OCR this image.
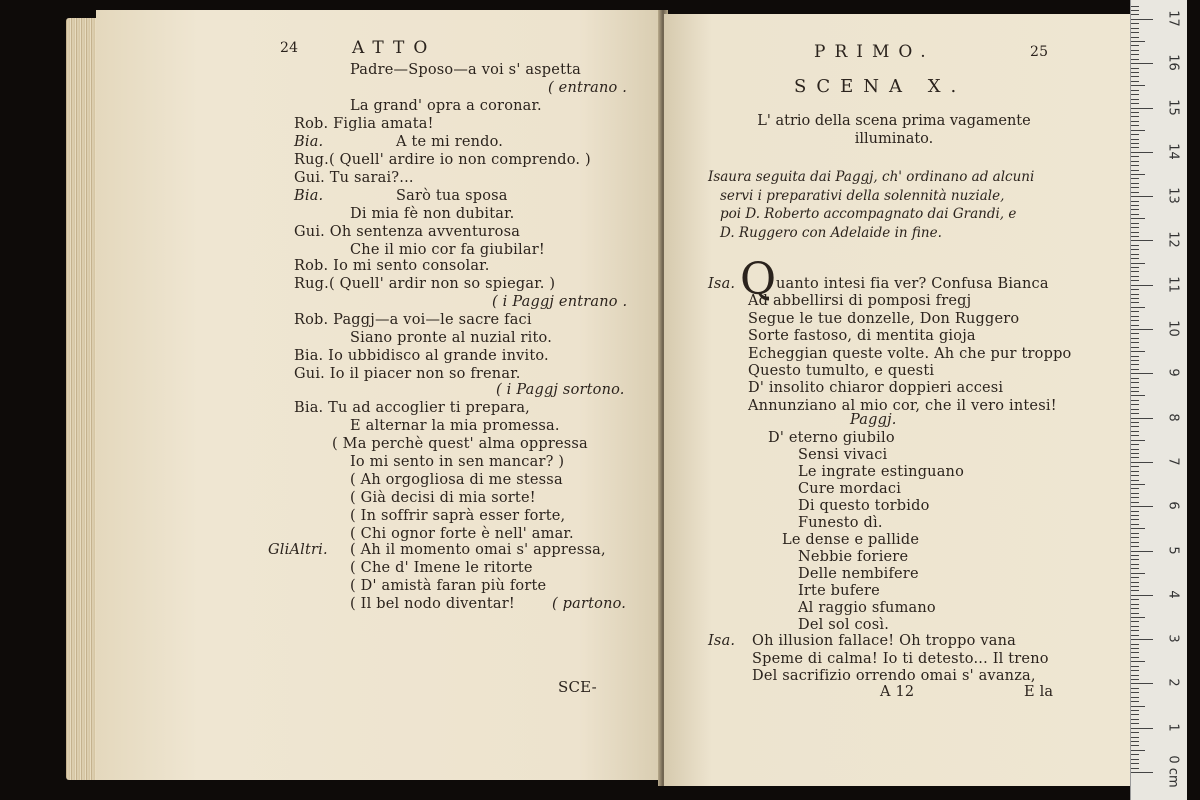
24	ATTO
Padre—Sposo—a voi s' aspetta
( entrano .
La grand' opra a coronar.
Rob. Figlia amata!
Bia.	A te mi rendo.
Rug.( Quell' ardire io non comprendo. )
Gui. Tu sarai?...
Bia.	Sarò tua sposa
Di mia fè non dubitar.
Gui. Oh sentenza avventurosa
Che il mio cor fa giubilar!
Rob. Io mi sento consolar.
Rug.( Quell' ardir non so spiegar. )
( i Paggj entrano .
Rob. Paggj—a voi—le sacre faci
Siano pronte al nuzial rito.
Bia. Io ubbidisco al grande invito.
Gui. Io il piacer non so frenar.
( i Paggj sortono.
Bia. Tu ad accoglier ti prepara,
E alternar la mia promessa.
( Ma perchè quest' alma oppressa
Io mi sento in sen mancar? )
( Ah orgogliosa di me stessa
( Già decisi di mia sorte!
( In soffrir saprà esser forte,
( Chi ognor forte è nell' amar.
GliAltri. ( Ah il momento omai s' appressa,
( Che d' Imene le ritorte
( D' amistà faran più forte
( Il bel nodo diventar!	( partono.
SCE-
PRIMO.	25
SCENA X.
L' atrio della scena prima vagamente
illuminato.
Isaura seguita dai Paggj, ch' ordinano ad alcuni
servi i preparativi della solennità nuziale,
poi D. Roberto accompagnato dai Grandi, e
D. Ruggero con Adelaide in fine.
Isa. Q uanto intesi fia ver? Confusa Bianca
Ad abbellirsi di pomposi fregj
Segue le tue donzelle, Don Ruggero
Sorte fastoso, di mentita gioja
Echeggian queste volte. Ah che pur troppo
Questo tumulto, e questi
D' insolito chiaror doppieri accesi
Annunziano al mio cor, che il vero intesi!
Paggj.
D' eterno giubilo
Sensi vivaci
Le ingrate estinguano
Cure mordaci
Di questo torbido
Funesto dì.
Le dense e pallide
Nebbie foriere
Delle nembifere
Irte bufere
Al raggio sfumano
Del sol così.
Isa. Oh illusion fallace! Oh troppo vana
Speme di calma! Io ti detesto... Il treno
Del sacrifizio orrendo omai s' avanza,
A 12	E la
17
16
15
14
13
12
11
10
9
8
7
6
5
4
3
2
1
0 cm
